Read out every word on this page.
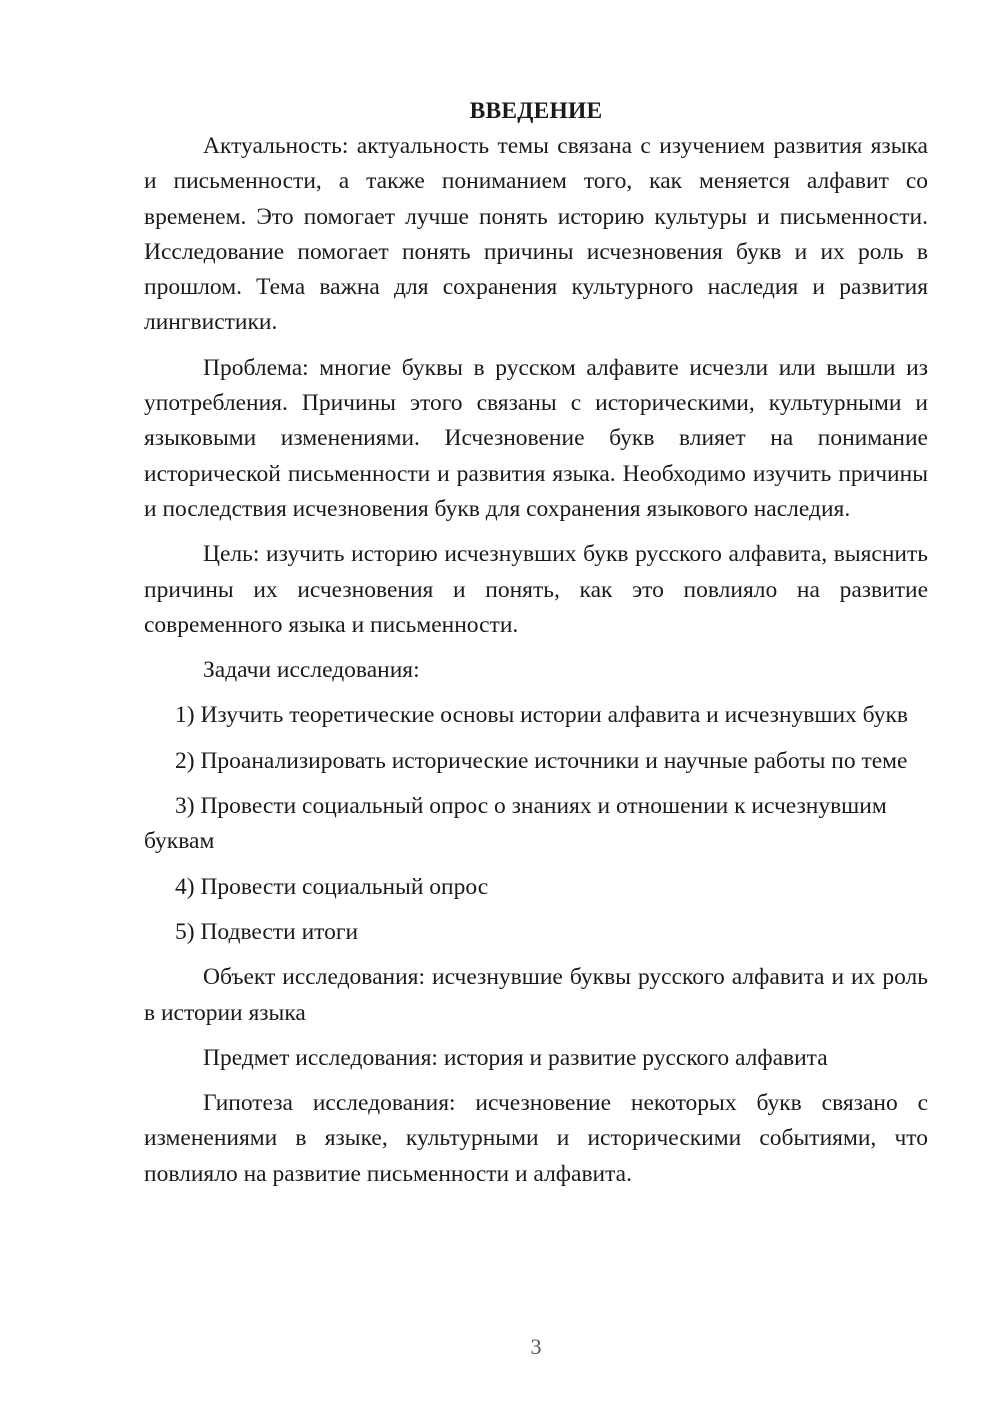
ВВЕДЕНИЕ

Актуальность: актуальность темы связана с изучением развития языка и письменности, а также пониманием того, как меняется алфавит со временем. Это помогает лучше понять историю культуры и письменности. Исследование помогает понять причины исчезновения букв и их роль в прошлом. Тема важна для сохранения культурного наследия и развития лингвистики.

Проблема: многие буквы в русском алфавите исчезли или вышли из употребления. Причины этого связаны с историческими, культурными и языковыми изменениями. Исчезновение букв влияет на понимание исторической письменности и развития языка. Необходимо изучить причины и последствия исчезновения букв для сохранения языкового наследия.

Цель: изучить историю исчезнувших букв русского алфавита, выяснить причины их исчезновения и понять, как это повлияло на развитие современного языка и письменности.

Задачи исследования:

1) Изучить теоретические основы истории алфавита и исчезнувших букв

2) Проанализировать исторические источники и научные работы по теме

3) Провести социальный опрос о знаниях и отношении к исчезнувшим буквам

4) Провести социальный опрос

5) Подвести итоги

Объект исследования: исчезнувшие буквы русского алфавита и их роль в истории языка

Предмет исследования: история и развитие русского алфавита

Гипотеза исследования: исчезновение некоторых букв связано с изменениями в языке, культурными и историческими событиями, что повлияло на развитие письменности и алфавита.

3
